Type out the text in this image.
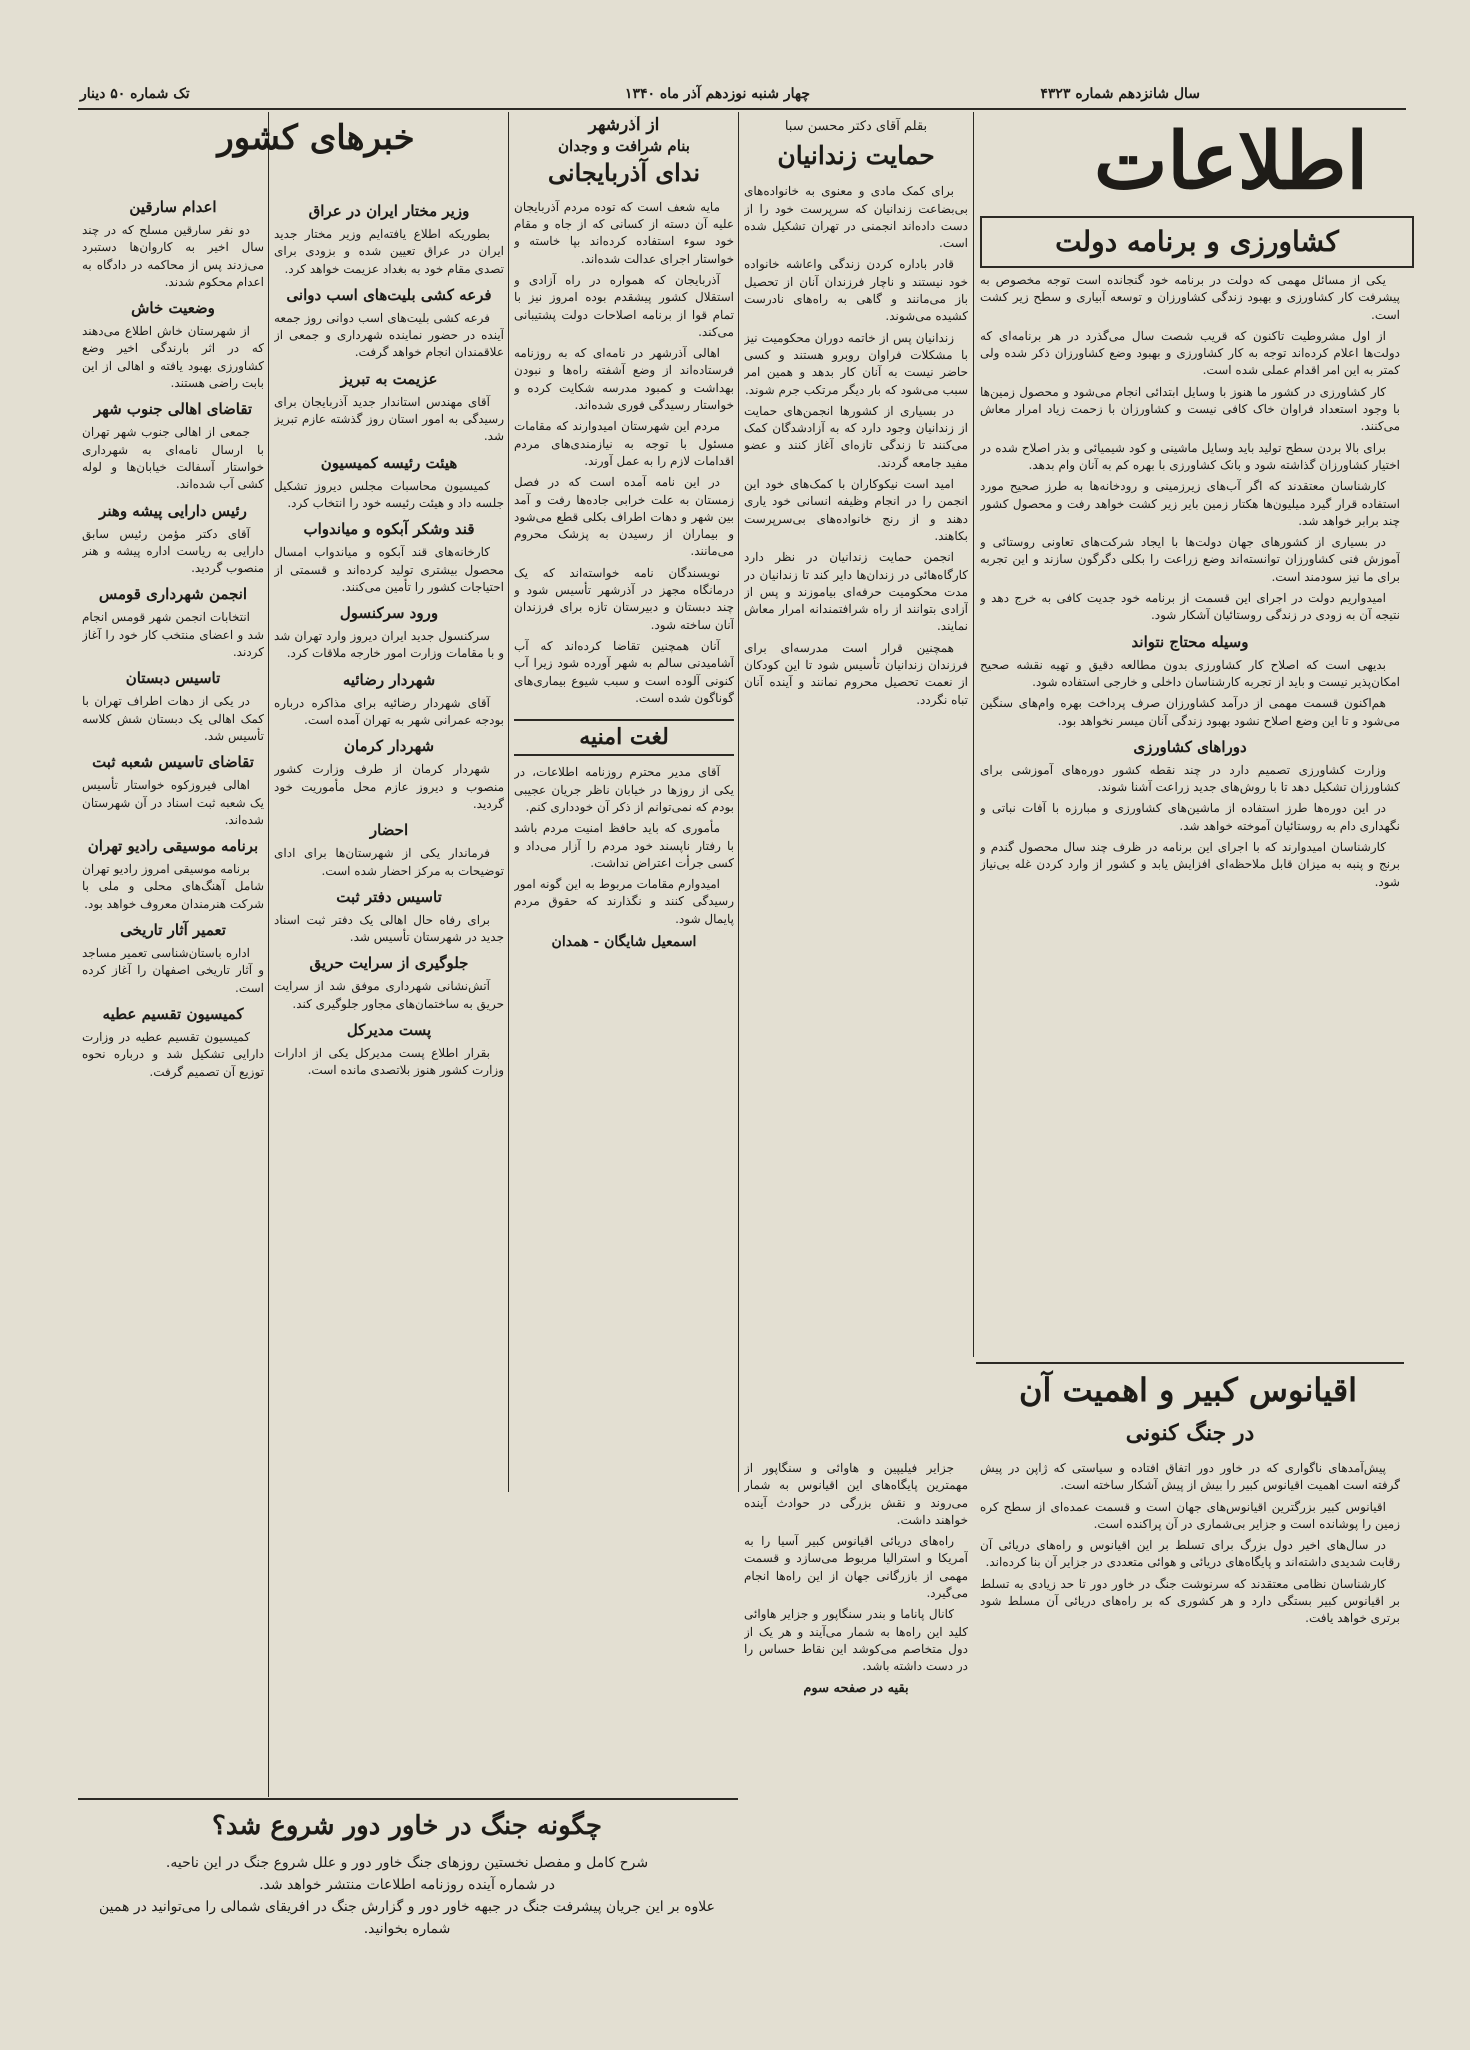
سال شانزدهم شماره ۴۳۲۳
چهار شنبه نوزدهم آذر ماه ۱۳۴۰
تک شماره ۵۰ دینار
اطلاعات
کشاورزی و برنامه دولت

یکی از مسائل مهمی که دولت در برنامه خود گنجانده است توجه مخصوص به پیشرفت کار کشاورزی و بهبود زندگی کشاورزان و توسعه آبیاری و سطح زیر کشت است.

از اول مشروطیت تاکنون که قریب شصت سال می‌گذرد در هر برنامه‌ای که دولت‌ها اعلام کرده‌اند توجه به کار کشاورزی و بهبود وضع کشاورزان ذکر شده ولی کمتر به این امر اقدام عملی شده است.

کار کشاورزی در کشور ما هنوز با وسایل ابتدائی انجام می‌شود و محصول زمین‌ها با وجود استعداد فراوان خاک کافی نیست و کشاورزان با زحمت زیاد امرار معاش می‌کنند.

برای بالا بردن سطح تولید باید وسایل ماشینی و کود شیمیائی و بذر اصلاح شده در اختیار کشاورزان گذاشته شود و بانک کشاورزی با بهره کم به آنان وام بدهد.

کارشناسان معتقدند که اگر آب‌های زیرزمینی و رودخانه‌ها به طرز صحیح مورد استفاده قرار گیرد میلیون‌ها هکتار زمین بایر زیر کشت خواهد رفت و محصول کشور چند برابر خواهد شد.

در بسیاری از کشورهای جهان دولت‌ها با ایجاد شرکت‌های تعاونی روستائی و آموزش فنی کشاورزان توانسته‌اند وضع زراعت را بکلی دگرگون سازند و این تجربه برای ما نیز سودمند است.

امیدواریم دولت در اجرای این قسمت از برنامه خود جدیت کافی به خرج دهد و نتیجه آن به زودی در زندگی روستائیان آشکار شود.

وسیله محتاج نتواند

بدیهی است که اصلاح کار کشاورزی بدون مطالعه دقیق و تهیه نقشه صحیح امکان‌پذیر نیست و باید از تجربه کارشناسان داخلی و خارجی استفاده شود.

هم‌اکنون قسمت مهمی از درآمد کشاورزان صرف پرداخت بهره وام‌های سنگین می‌شود و تا این وضع اصلاح نشود بهبود زندگی آنان میسر نخواهد بود.

دوراهای کشاورزی

وزارت کشاورزی تصمیم دارد در چند نقطه کشور دوره‌های آموزشی برای کشاورزان تشکیل دهد تا با روش‌های جدید زراعت آشنا شوند.

در این دوره‌ها طرز استفاده از ماشین‌های کشاورزی و مبارزه با آفات نباتی و نگهداری دام به روستائیان آموخته خواهد شد.

کارشناسان امیدوارند که با اجرای این برنامه در ظرف چند سال محصول گندم و برنج و پنبه به میزان قابل ملاحظه‌ای افزایش یابد و کشور از وارد کردن غله بی‌نیاز شود.

بقلم آقای دکتر محسن سبا
حمایت زندانیان

برای کمک مادی و معنوی به خانواده‌های بی‌بضاعت زندانیان که سرپرست خود را از دست داده‌اند انجمنی در تهران تشکیل شده است.

قادر باداره کردن زندگی واعاشه خانواده خود نیستند و ناچار فرزندان آنان از تحصیل باز می‌مانند و گاهی به راه‌های نادرست کشیده می‌شوند.

زندانیان پس از خاتمه دوران محکومیت نیز با مشکلات فراوان روبرو هستند و کسی حاضر نیست به آنان کار بدهد و همین امر سبب می‌شود که بار دیگر مرتکب جرم شوند.

در بسیاری از کشورها انجمن‌های حمایت از زندانیان وجود دارد که به آزادشدگان کمک می‌کنند تا زندگی تازه‌ای آغاز کنند و عضو مفید جامعه گردند.

امید است نیکوکاران با کمک‌های خود این انجمن را در انجام وظیفه انسانی خود یاری دهند و از رنج خانواده‌های بی‌سرپرست بکاهند.

انجمن حمایت زندانیان در نظر دارد کارگاه‌هائی در زندان‌ها دایر کند تا زندانیان در مدت محکومیت حرفه‌ای بیاموزند و پس از آزادی بتوانند از راه شرافتمندانه امرار معاش نمایند.

همچنین قرار است مدرسه‌ای برای فرزندان زندانیان تأسیس شود تا این کودکان از نعمت تحصیل محروم نمانند و آینده آنان تباه نگردد.

از آذرشهر
بنام شرافت و وجدان
ندای آذربایجانی

مایه شعف است که توده مردم آذربایجان علیه آن دسته از کسانی که از جاه و مقام خود سوء استفاده کرده‌اند بپا خاسته و خواستار اجرای عدالت شده‌اند.

آذربایجان که همواره در راه آزادی و استقلال کشور پیشقدم بوده امروز نیز با تمام قوا از برنامه اصلاحات دولت پشتیبانی می‌کند.

اهالی آذرشهر در نامه‌ای که به روزنامه فرستاده‌اند از وضع آشفته راه‌ها و نبودن بهداشت و کمبود مدرسه شکایت کرده و خواستار رسیدگی فوری شده‌اند.

مردم این شهرستان امیدوارند که مقامات مسئول با توجه به نیازمندی‌های مردم اقدامات لازم را به عمل آورند.

در این نامه آمده است که در فصل زمستان به علت خرابی جاده‌ها رفت و آمد بین شهر و دهات اطراف بکلی قطع می‌شود و بیماران از رسیدن به پزشک محروم می‌مانند.

نویسندگان نامه خواسته‌اند که یک درمانگاه مجهز در آذرشهر تأسیس شود و چند دبستان و دبیرستان تازه برای فرزندان آنان ساخته شود.

آنان همچنین تقاضا کرده‌اند که آب آشامیدنی سالم به شهر آورده شود زیرا آب کنونی آلوده است و سبب شیوع بیماری‌های گوناگون شده است.

لغت امنیه

آقای مدیر محترم روزنامه اطلاعات، در یکی از روزها در خیابان ناظر جریان عجیبی بودم که نمی‌توانم از ذکر آن خودداری کنم.

مأموری که باید حافظ امنیت مردم باشد با رفتار ناپسند خود مردم را آزار می‌داد و کسی جرأت اعتراض نداشت.

امیدوارم مقامات مربوط به این گونه امور رسیدگی کنند و نگذارند که حقوق مردم پایمال شود.

اسمعیل شایگان - همدان
وزیر مختار ایران در عراق

بطوریکه اطلاع یافته‌ایم وزیر مختار جدید ایران در عراق تعیین شده و بزودی برای تصدی مقام خود به بغداد عزیمت خواهد کرد.

فرعه کشی بلیت‌های اسب دوانی

فرعه کشی بلیت‌های اسب دوانی روز جمعه آینده در حضور نماینده شهرداری و جمعی از علاقمندان انجام خواهد گرفت.

عزیمت به تبریز

آقای مهندس استاندار جدید آذربایجان برای رسیدگی به امور استان روز گذشته عازم تبریز شد.

هیئت رئیسه کمیسیون

کمیسیون محاسبات مجلس دیروز تشکیل جلسه داد و هیئت رئیسه خود را انتخاب کرد.

قند وشکر آبکوه و میاندواب

کارخانه‌های قند آبکوه و میاندواب امسال محصول بیشتری تولید کرده‌اند و قسمتی از احتیاجات کشور را تأمین می‌کنند.

ورود سرکنسول

سرکنسول جدید ایران دیروز وارد تهران شد و با مقامات وزارت امور خارجه ملاقات کرد.

شهردار رضائیه

آقای شهردار رضائیه برای مذاکره درباره بودجه عمرانی شهر به تهران آمده است.

شهردار کرمان

شهردار کرمان از طرف وزارت کشور منصوب و دیروز عازم محل مأموریت خود گردید.

احضار

فرماندار یکی از شهرستان‌ها برای ادای توضیحات به مرکز احضار شده است.

تاسیس دفتر ثبت

برای رفاه حال اهالی یک دفتر ثبت اسناد جدید در شهرستان تأسیس شد.

جلوگیری از سرایت حریق

آتش‌نشانی شهرداری موفق شد از سرایت حریق به ساختمان‌های مجاور جلوگیری کند.

پست مدیرکل

بقرار اطلاع پست مدیرکل یکی از ادارات وزارت کشور هنوز بلاتصدی مانده است.

خبرهای کشور
اعدام سارقین

دو نفر سارقین مسلح که در چند سال اخیر به کاروان‌ها دستبرد می‌زدند پس از محاکمه در دادگاه به اعدام محکوم شدند.

وضعیت خاش

از شهرستان خاش اطلاع می‌دهند که در اثر بارندگی اخیر وضع کشاورزی بهبود یافته و اهالی از این بابت راضی هستند.

تقاضای اهالی جنوب شهر

جمعی از اهالی جنوب شهر تهران با ارسال نامه‌ای به شهرداری خواستار آسفالت خیابان‌ها و لوله کشی آب شده‌اند.

رئیس دارایی پیشه وهنر

آقای دکتر مؤمن رئیس سابق دارایی به ریاست اداره پیشه و هنر منصوب گردید.

انجمن شهرداری قومس

انتخابات انجمن شهر قومس انجام شد و اعضای منتخب کار خود را آغاز کردند.

تاسیس دبستان

در یکی از دهات اطراف تهران با کمک اهالی یک دبستان شش کلاسه تأسیس شد.

تقاضای تاسیس شعبه ثبت

اهالی فیروزکوه خواستار تأسیس یک شعبه ثبت اسناد در آن شهرستان شده‌اند.

برنامه موسیقی رادیو تهران

برنامه موسیقی امروز رادیو تهران شامل آهنگ‌های محلی و ملی با شرکت هنرمندان معروف خواهد بود.

تعمیر آثار تاریخی

اداره باستان‌شناسی تعمیر مساجد و آثار تاریخی اصفهان را آغاز کرده است.

کمیسیون تقسیم عطیه

کمیسیون تقسیم عطیه در وزارت دارایی تشکیل شد و درباره نحوه توزیع آن تصمیم گرفت.

اقیانوس کبیر و اهمیت آن
در جنگ کنونی

پیش‌آمدهای ناگواری که در خاور دور اتفاق افتاده و سیاستی که ژاپن در پیش گرفته است اهمیت اقیانوس کبیر را بیش از پیش آشکار ساخته است.

اقیانوس کبیر بزرگترین اقیانوس‌های جهان است و قسمت عمده‌ای از سطح کره زمین را پوشانده است و جزایر بی‌شماری در آن پراکنده است.

در سال‌های اخیر دول بزرگ برای تسلط بر این اقیانوس و راه‌های دریائی آن رقابت شدیدی داشته‌اند و پایگاه‌های دریائی و هوائی متعددی در جزایر آن بنا کرده‌اند.

کارشناسان نظامی معتقدند که سرنوشت جنگ در خاور دور تا حد زیادی به تسلط بر اقیانوس کبیر بستگی دارد و هر کشوری که بر راه‌های دریائی آن مسلط شود برتری خواهد یافت.

جزایر فیلیپین و هاوائی و سنگاپور از مهمترین پایگاه‌های این اقیانوس به شمار می‌روند و نقش بزرگی در حوادث آینده خواهند داشت.

راه‌های دریائی اقیانوس کبیر آسیا را به آمریکا و استرالیا مربوط می‌سازد و قسمت مهمی از بازرگانی جهان از این راه‌ها انجام می‌گیرد.

کانال پاناما و بندر سنگاپور و جزایر هاوائی کلید این راه‌ها به شمار می‌آیند و هر یک از دول متخاصم می‌کوشد این نقاط حساس را در دست داشته باشد.

بقیه در صفحه سوم
چگونه جنگ در خاور دور شروع شد؟
شرح کامل و مفصل نخستین روزهای جنگ خاور دور و علل شروع جنگ در این ناحیه.
در شماره آینده روزنامه اطلاعات منتشر خواهد شد.
علاوه بر این جریان پیشرفت جنگ در جبهه خاور دور و گزارش جنگ در افریقای شمالی را می‌توانید در همین شماره بخوانید.
